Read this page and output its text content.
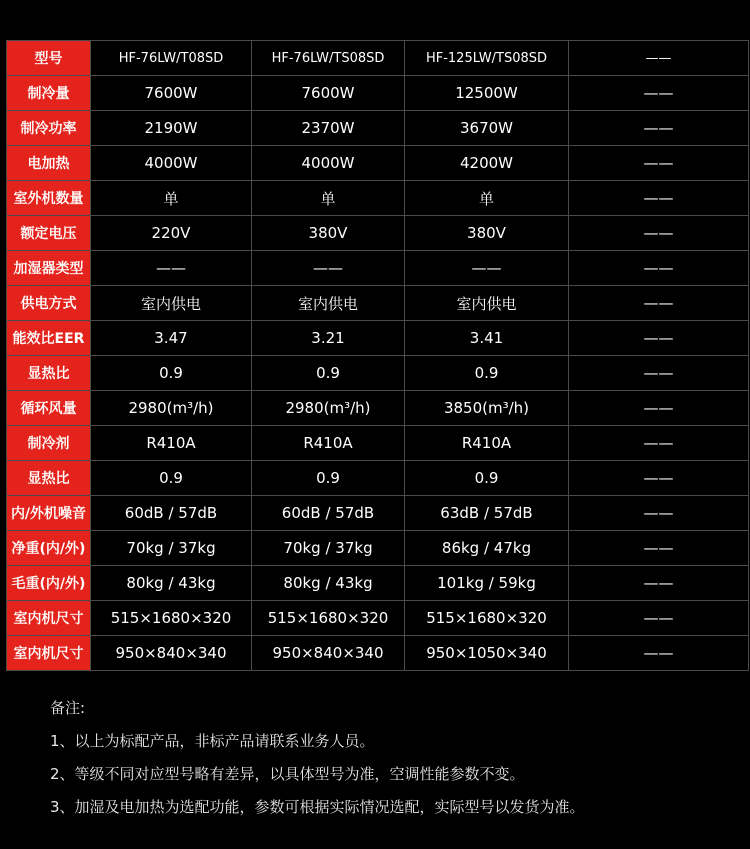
型号	HF-76LW/T08SD	HF-76LW/TS08SD	HF-125LW/TS08SD	——
制冷量	7600W	7600W	12500W	——
制冷功率	2190W	2370W	3670W	——
电加热	4000W	4000W	4200W	——
室外机数量	单	单	单	——
额定电压	220V	380V	380V	——
加湿器类型	——	——	——	——
供电方式	室内供电	室内供电	室内供电	——
能效比EER	3.47	3.21	3.41	——
显热比	0.9	0.9	0.9	——
循环风量	2980(m³/h)	2980(m³/h)	3850(m³/h)	——
制冷剂	R410A	R410A	R410A	——
显热比	0.9	0.9	0.9	——
内/外机噪音	60dB / 57dB	60dB / 57dB	63dB / 57dB	——
净重(内/外)	70kg / 37kg	70kg / 37kg	86kg / 47kg	——
毛重(内/外)	80kg / 43kg	80kg / 43kg	101kg / 59kg	——
室内机尺寸	515×1680×320	515×1680×320	515×1680×320	——
室内机尺寸	950×840×340	950×840×340	950×1050×340	——
备注:
1、以上为标配产品，非标产品请联系业务人员。
2、等级不同对应型号略有差异，以具体型号为准，空调性能参数不变。
3、加湿及电加热为选配功能，参数可根据实际情况选配，实际型号以发货为准。
